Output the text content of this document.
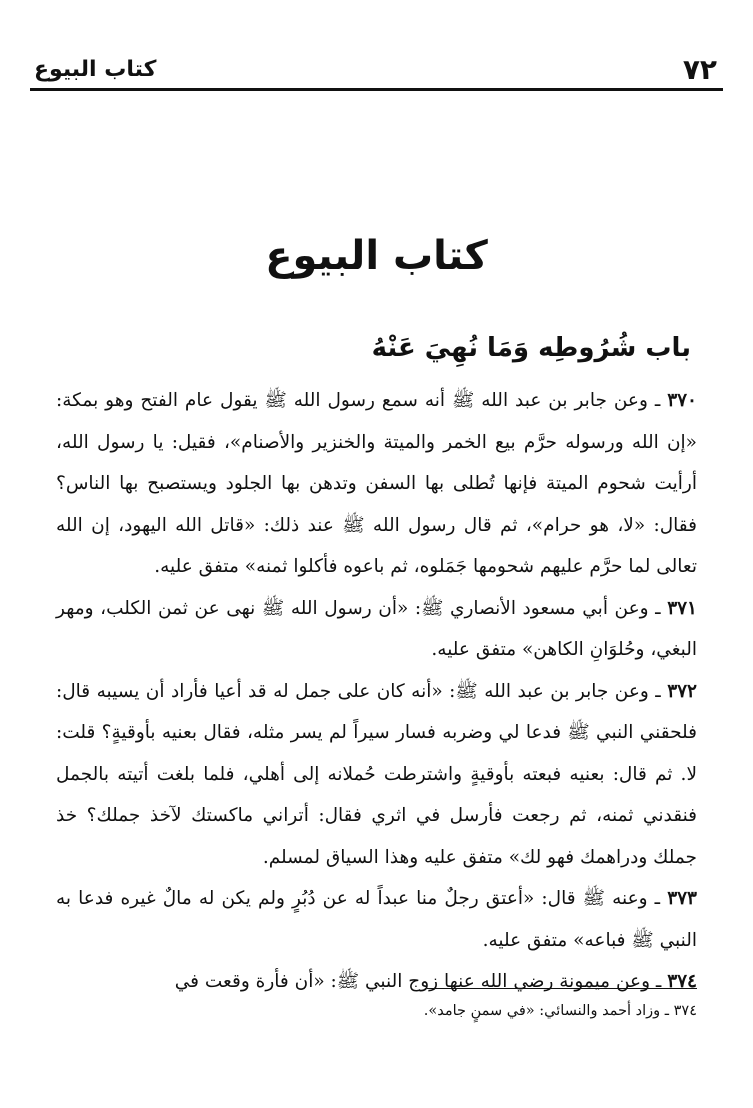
٧٢
كتاب البيوع
كتاب البيوع
باب شُرُوطِه وَمَا نُهِيَ عَنْهُ

٣٧٠ ـ وعن جابر بن عبد الله ﷺ أنه سمع رسول الله ﷺ يقول عام الفتح وهو بمكة: «إن الله ورسوله حرَّم بيع الخمر والميتة والخنزير والأصنام»، فقيل: يا رسول الله، أرأيت شحوم الميتة فإنها تُطلى بها السفن وتدهن بها الجلود ويستصبح بها الناس؟ فقال: «لا، هو حرام»، ثم قال رسول الله ﷺ عند ذلك: «قاتل الله اليهود، إن الله تعالى لما حرَّم عليهم شحومها جَمَلوه، ثم باعوه فأكلوا ثمنه» متفق عليه.

٣٧١ ـ وعن أبي مسعود الأنصاري ﷺ: «أن رسول الله ﷺ نهى عن ثمن الكلب، ومهر البغي، وحُلوَانِ الكاهن» متفق عليه.

٣٧٢ ـ وعن جابر بن عبد الله ﷺ: «أنه كان على جمل له قد أعيا فأراد أن يسيبه قال: فلحقني النبي ﷺ فدعا لي وضربه فسار سيراً لم يسر مثله، فقال بعنيه بأوقيةٍ؟ قلت: لا. ثم قال: بعنيه فبعته بأوقيةٍ واشترطت حُملانه إلى أهلي، فلما بلغت أتيته بالجمل فنقدني ثمنه، ثم رجعت فأرسل في اثري فقال: أتراني ماكستك لآخذ جملك؟ خذ جملك ودراهمك فهو لك» متفق عليه وهذا السياق لمسلم.

٣٧٣ ـ وعنه ﷺ قال: «أعتق رجلٌ منا عبداً له عن دُبُرٍ ولم يكن له مالٌ غيره فدعا به النبي ﷺ فباعه» متفق عليه.

٣٧٤ ـ وعن ميمونة رضي الله عنها زوج النبي ﷺ: «أن فأرة وقعت في

٣٧٤ ـ وزاد أحمد والنسائي: «في سمنٍ جامد».
